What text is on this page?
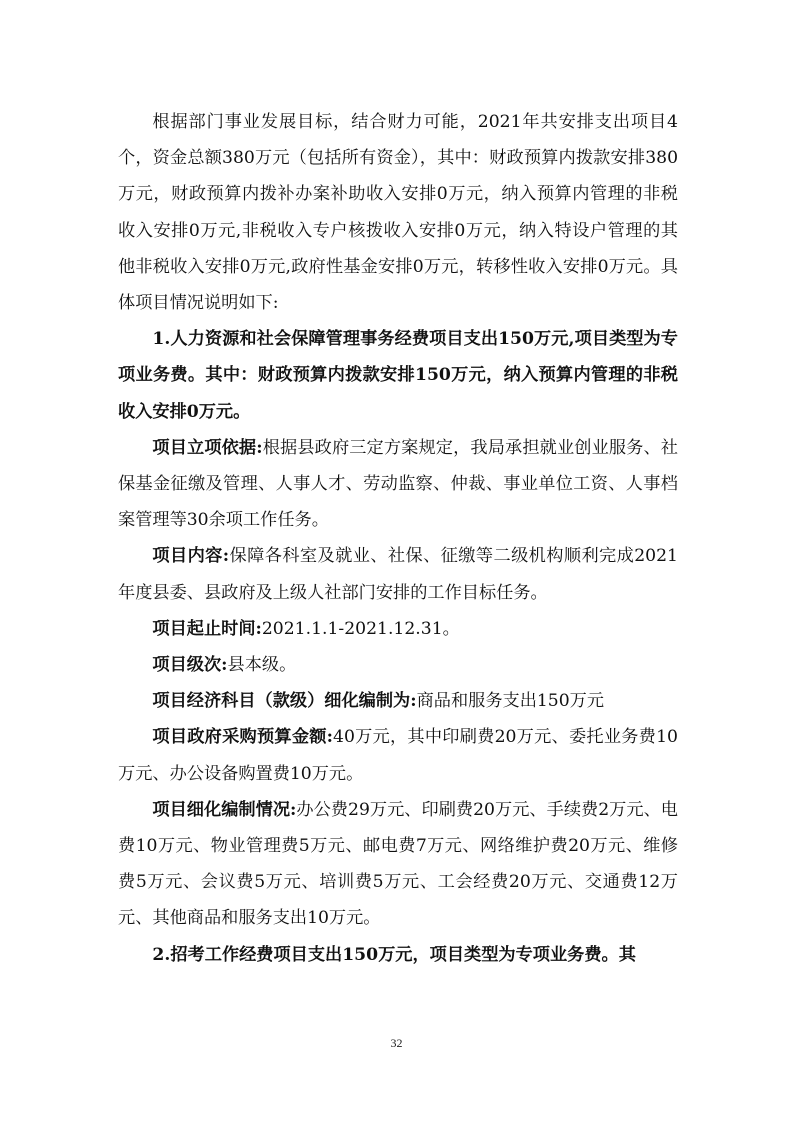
根据部门事业发展目标，结合财力可能，2021年共安排支出项目4个，资金总额380万元（包括所有资金），其中：财政预算内拨款安排380万元，财政预算内拨补办案补助收入安排0万元，纳入预算内管理的非税收入安排0万元,非税收入专户核拨收入安排0万元，纳入特设户管理的其他非税收入安排0万元,政府性基金安排0万元，转移性收入安排0万元。具体项目情况说明如下:

1.人力资源和社会保障管理事务经费项目支出150万元,项目类型为专项业务费。其中：财政预算内拨款安排150万元，纳入预算内管理的非税收入安排0万元。

项目立项依据:根据县政府三定方案规定，我局承担就业创业服务、社保基金征缴及管理、人事人才、劳动监察、仲裁、事业单位工资、人事档案管理等30余项工作任务。

项目内容:保障各科室及就业、社保、征缴等二级机构顺利完成2021年度县委、县政府及上级人社部门安排的工作目标任务。

项目起止时间:2021.1.1-2021.12.31。

项目级次:县本级。

项目经济科目（款级）细化编制为:商品和服务支出150万元

项目政府采购预算金额:40万元，其中印刷费20万元、委托业务费10万元、办公设备购置费10万元。

项目细化编制情况:办公费29万元、印刷费20万元、手续费2万元、电费10万元、物业管理费5万元、邮电费7万元、网络维护费20万元、维修费5万元、会议费5万元、培训费5万元、工会经费20万元、交通费12万元、其他商品和服务支出10万元。

2.招考工作经费项目支出150万元，项目类型为专项业务费。其

32
